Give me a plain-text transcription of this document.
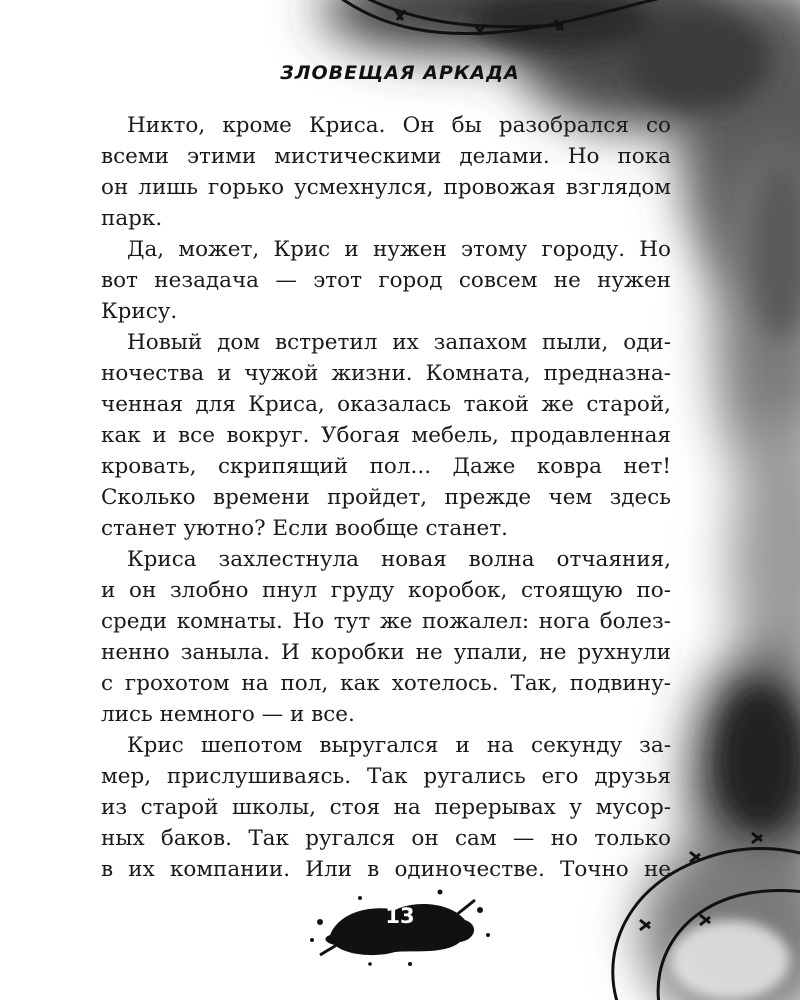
ЗЛОВЕЩАЯ АРКАДА
Никто, кроме Криса. Он бы разобрался со
всеми этими мистическими делами. Но пока
он лишь горько усмехнулся, провожая взглядом
парк.
Да, может, Крис и нужен этому городу. Но
вот незадача — этот город совсем не нужен
Крису.
Новый дом встретил их запахом пыли, оди-
ночества и чужой жизни. Комната, предназна-
ченная для Криса, оказалась такой же старой,
как и все вокруг. Убогая мебель, продавленная
кровать, скрипящий пол... Даже ковра нет!
Сколько времени пройдет, прежде чем здесь
станет уютно? Если вообще станет.
Криса захлестнула новая волна отчаяния,
и он злобно пнул груду коробок, стоящую по-
среди комнаты. Но тут же пожалел: нога болез-
ненно заныла. И коробки не упали, не рухнули
с грохотом на пол, как хотелось. Так, подвину-
лись немного — и все.
Крис шепотом выругался и на секунду за-
мер, прислушиваясь. Так ругались его друзья
из старой школы, стоя на перерывах у мусор-
ных баков. Так ругался он сам — но только
в их компании. Или в одиночестве. Точно не
13
